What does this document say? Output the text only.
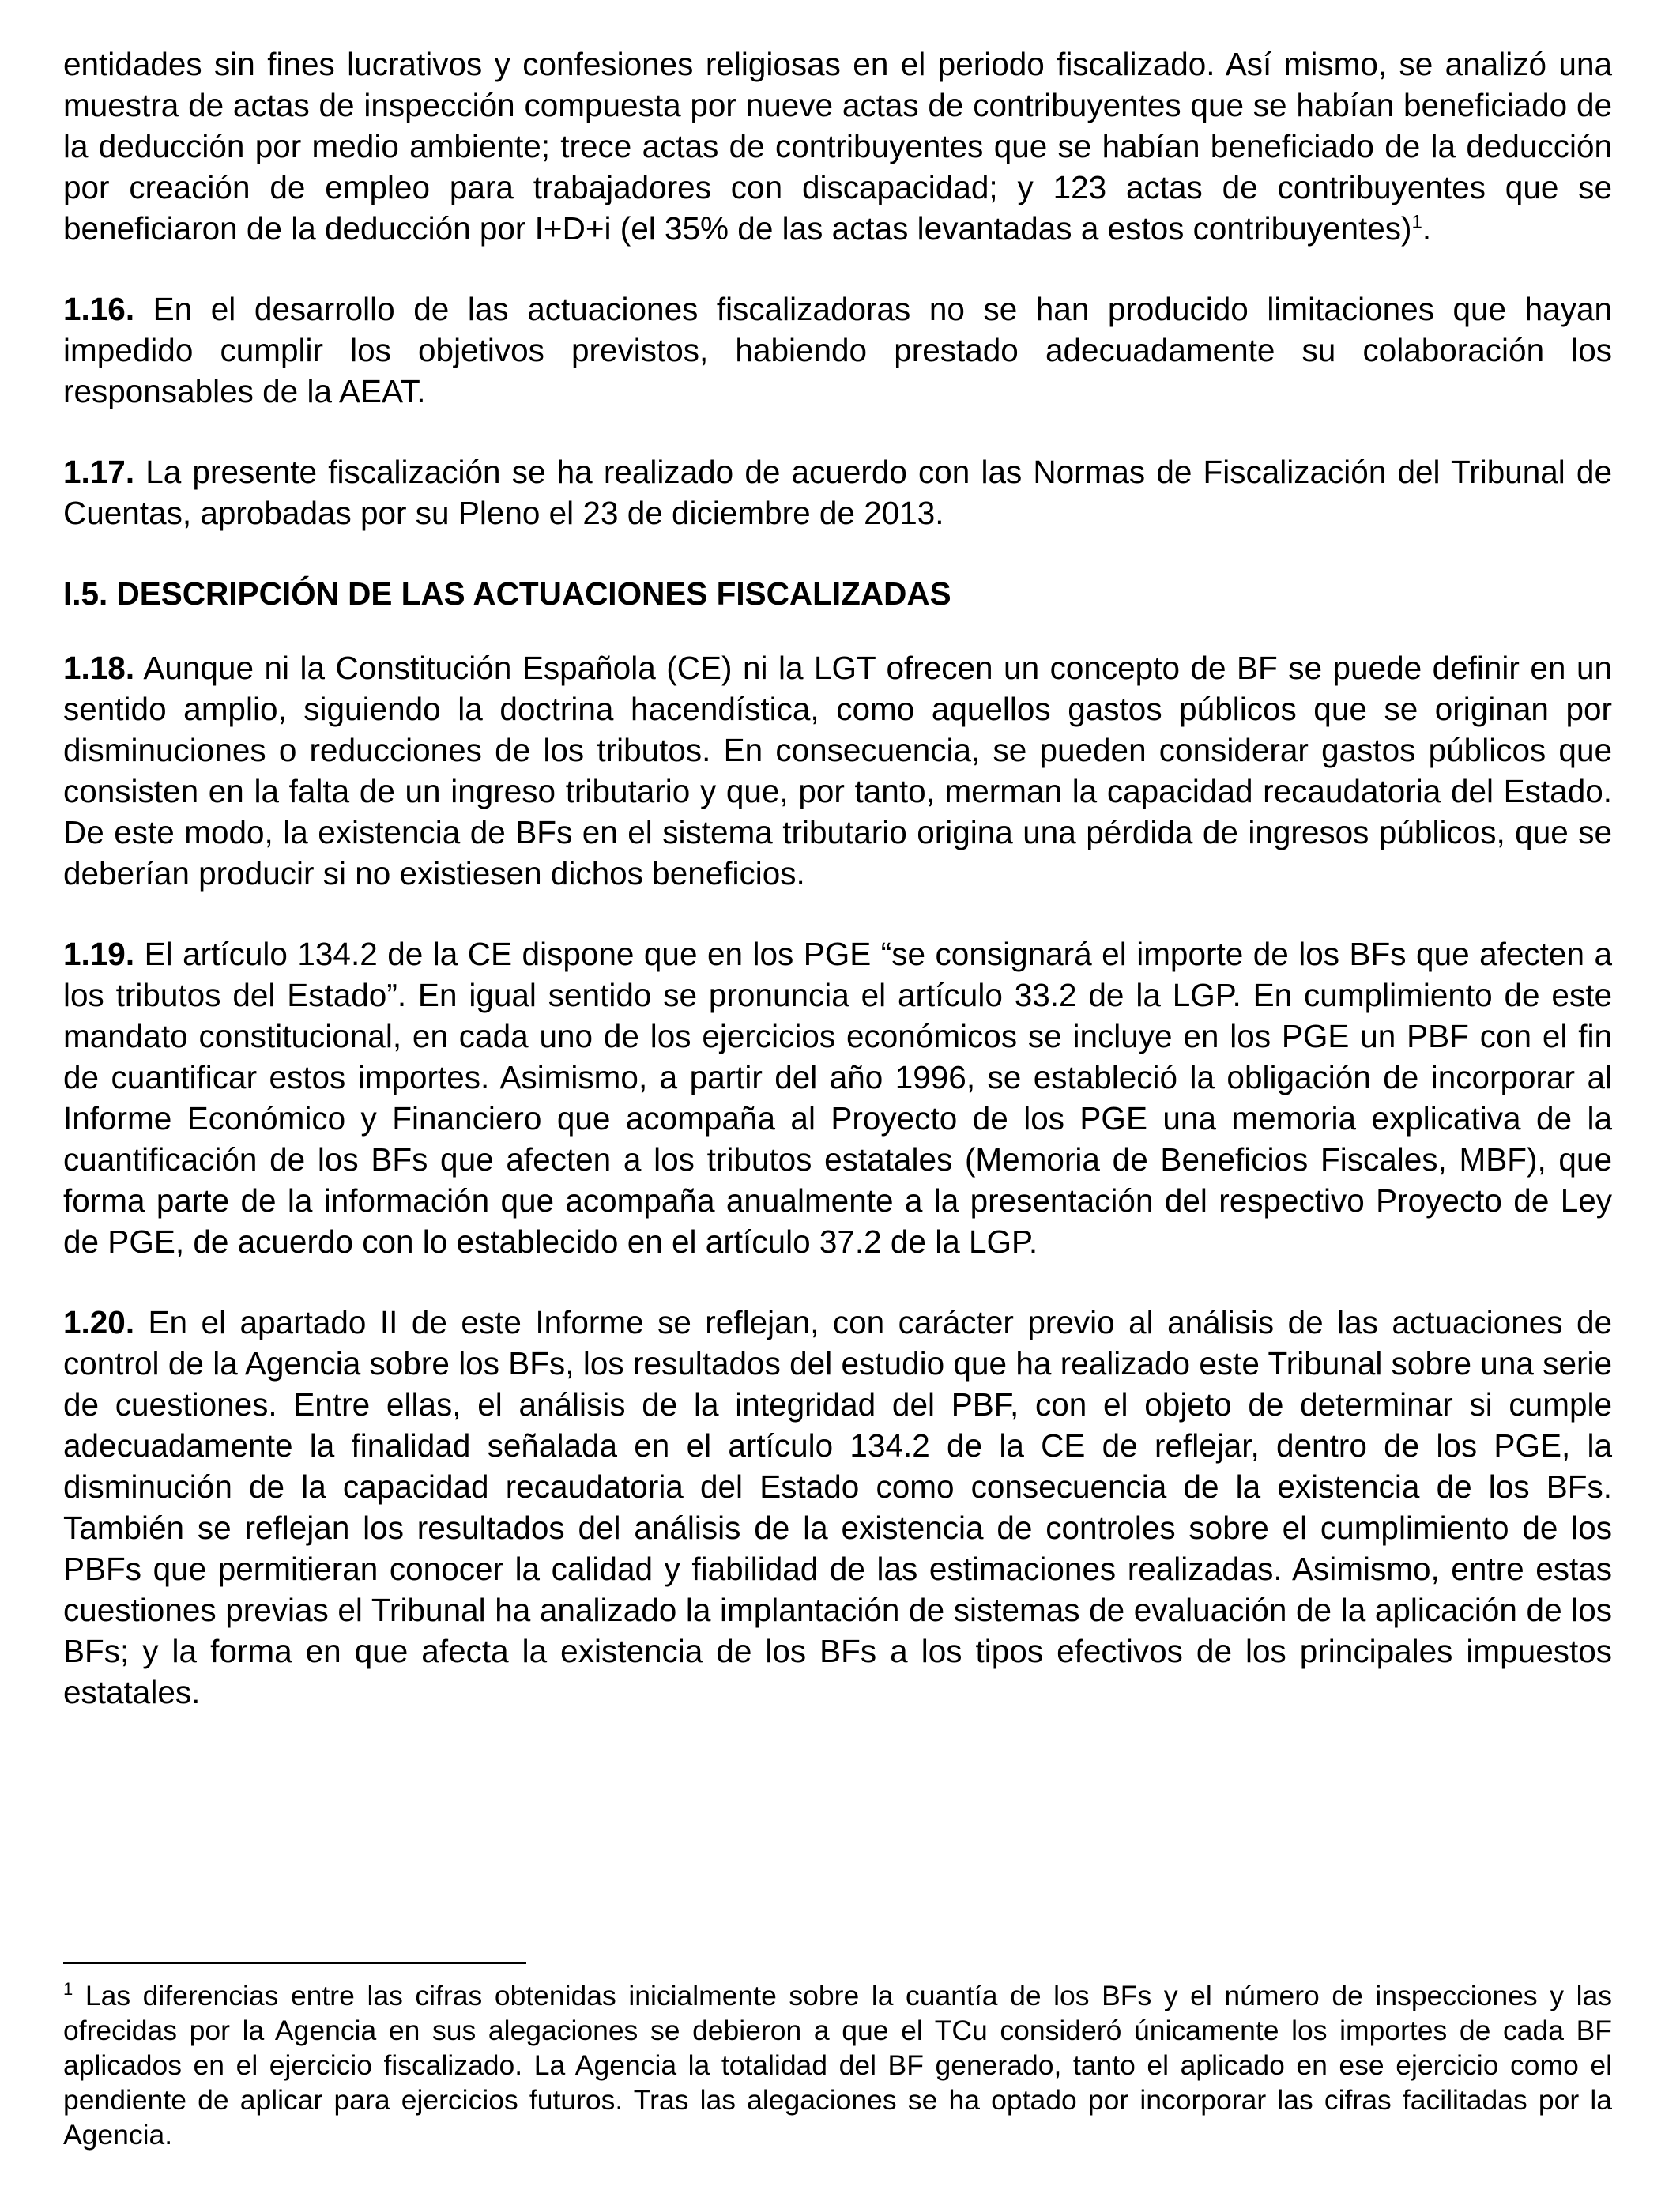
entidades sin fines lucrativos y confesiones religiosas en el periodo fiscalizado. Así mismo, se analizó una muestra de actas de inspección compuesta por nueve actas de contribuyentes que se habían beneficiado de la deducción por medio ambiente; trece actas de contribuyentes que se habían beneficiado de la deducción por creación de empleo para trabajadores con discapacidad; y 123 actas de contribuyentes que se beneficiaron de la deducción por I+D+i (el 35% de las actas levantadas a estos contribuyentes)$^1$.

1.16. En el desarrollo de las actuaciones fiscalizadoras no se han producido limitaciones que hayan impedido cumplir los objetivos previstos, habiendo prestado adecuadamente su colaboración los responsables de la AEAT.

1.17. La presente fiscalización se ha realizado de acuerdo con las Normas de Fiscalización del Tribunal de Cuentas, aprobadas por su Pleno el 23 de diciembre de 2013.

I.5. DESCRIPCIÓN DE LAS ACTUACIONES FISCALIZADAS

1.18. Aunque ni la Constitución Española (CE) ni la LGT ofrecen un concepto de BF se puede definir en un sentido amplio, siguiendo la doctrina hacendística, como aquellos gastos públicos que se originan por disminuciones o reducciones de los tributos. En consecuencia, se pueden considerar gastos públicos que consisten en la falta de un ingreso tributario y que, por tanto, merman la capacidad recaudatoria del Estado. De este modo, la existencia de BFs en el sistema tributario origina una pérdida de ingresos públicos, que se deberían producir si no existiesen dichos beneficios.

1.19. El artículo 134.2 de la CE dispone que en los PGE “se consignará el importe de los BFs que afecten a los tributos del Estado”. En igual sentido se pronuncia el artículo 33.2 de la LGP. En cumplimiento de este mandato constitucional, en cada uno de los ejercicios económicos se incluye en los PGE un PBF con el fin de cuantificar estos importes. Asimismo, a partir del año 1996, se estableció la obligación de incorporar al Informe Económico y Financiero que acompaña al Proyecto de los PGE una memoria explicativa de la cuantificación de los BFs que afecten a los tributos estatales (Memoria de Beneficios Fiscales, MBF), que forma parte de la información que acompaña anualmente a la presentación del respectivo Proyecto de Ley de PGE, de acuerdo con lo establecido en el artículo 37.2 de la LGP.

1.20. En el apartado II de este Informe se reflejan, con carácter previo al análisis de las actuaciones de control de la Agencia sobre los BFs, los resultados del estudio que ha realizado este Tribunal sobre una serie de cuestiones. Entre ellas, el análisis de la integridad del PBF, con el objeto de determinar si cumple adecuadamente la finalidad señalada en el artículo 134.2 de la CE de reflejar, dentro de los PGE, la disminución de la capacidad recaudatoria del Estado como consecuencia de la existencia de los BFs. También se reflejan los resultados del análisis de la existencia de controles sobre el cumplimiento de los PBFs que permitieran conocer la calidad y fiabilidad de las estimaciones realizadas. Asimismo, entre estas cuestiones previas el Tribunal ha analizado la implantación de sistemas de evaluación de la aplicación de los BFs; y la forma en que afecta la existencia de los BFs a los tipos efectivos de los principales impuestos estatales.

$^1$ Las diferencias entre las cifras obtenidas inicialmente sobre la cuantía de los BFs y el número de inspecciones y las ofrecidas por la Agencia en sus alegaciones se debieron a que el TCu consideró únicamente los importes de cada BF aplicados en el ejercicio fiscalizado. La Agencia la totalidad del BF generado, tanto el aplicado en ese ejercicio como el pendiente de aplicar para ejercicios futuros. Tras las alegaciones se ha optado por incorporar las cifras facilitadas por la Agencia.
